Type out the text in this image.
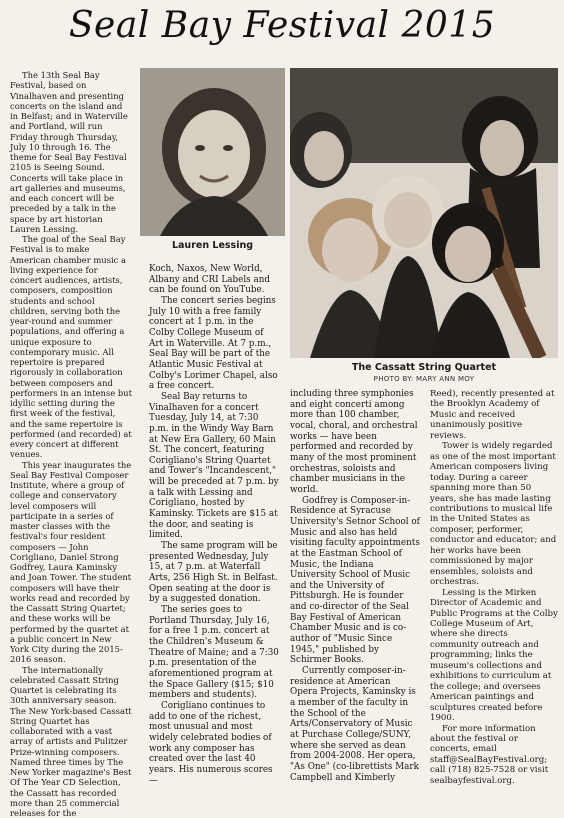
Seal Bay Festival 2015

The 13th Seal Bay Festival, based on Vinalhaven and presenting concerts on the island and in Belfast; and in Waterville and Portland, will run Friday through Thursday, July 10 through 16. The theme for Seal Bay Festival 2105 is Seeing Sound. Concerts will take place in art galleries and museums, and each concert will be preceded by a talk in the space by art historian Lauren Lessing.

The goal of the Seal Bay Festival is to make American chamber music a living experience for concert audiences, artists, composers, composition students and school children, serving both the year-round and summer populations, and offering a unique exposure to contemporary music. All repertoire is prepared rigorously in collaboration between composers and performers in an intense but idyllic setting during the first week of the festival, and the same repertoire is performed (and recorded) at every concert at different venues.

This year inaugurates the Seal Bay Festival Composer Institute, where a group of college and conservatory level composers will participate in a series of master classes with the festival's four resident composers — John Corigliano, Daniel Strong Godfrey, Laura Kaminsky and Joan Tower. The student composers will have their works read and recorded by the Cassatt String Quartet; and these works will be performed by the quartet at a public concert in New York City during the 2015-2016 season.

The internationally celebrated Cassatt String Quartet is celebrating its 30th anniversary season. The New York-based Cassatt String Quartet has collaborated with a vast array of artists and Pulitzer Prize-winning composers. Named three times by The New Yorker magazine's Best Of The Year CD Selection, the Cassatt has recorded more than 25 commercial releases for the

Lauren Lessing

Koch, Naxos, New World, Albany and CRI Labels and can be found on YouTube.

The concert series begins July 10 with a free family concert at 1 p.m. in the Colby College Museum of Art in Waterville. At 7 p.m., Seal Bay will be part of the Atlantic Music Festival at Colby's Lorimer Chapel, also a free concert.

Seal Bay returns to Vinalhaven for a concert Tuesday, July 14, at 7:30 p.m. in the Windy Way Barn at New Era Gallery, 60 Main St. The concert, featuring Corigliano's String Quartet and Tower's "Incandescent," will be preceded at 7 p.m. by a talk with Lessing and Corigliano, hosted by Kaminsky. Tickets are $15 at the door, and seating is limited.

The same program will be presented Wednesday, July 15, at 7 p.m. at Waterfall Arts, 256 High St. in Belfast. Open seating at the door is by a suggested donation.

The series goes to Portland Thursday, July 16, for a free 1 p.m. concert at the Children's Museum & Theatre of Maine; and a 7:30 p.m. presentation of the aforementioned program at the Space Gallery ($15; $10 members and students).

Corigliano continues to add to one of the richest, most unusual and most widely celebrated bodies of work any composer has created over the last 40 years. His numerous scores —

The Cassatt String Quartet
PHOTO BY: MARY ANN MOY

including three symphonies and eight concerti among more than 100 chamber, vocal, choral, and orchestral works — have been performed and recorded by many of the most prominent orchestras, soloists and chamber musicians in the world.

Godfrey is Composer-in-Residence at Syracuse University's Setnor School of Music and also has held visiting faculty appointments at the Eastman School of Music, the Indiana University School of Music and the University of Pittsburgh. He is founder and co-director of the Seal Bay Festival of American Chamber Music and is co-author of "Music Since 1945," published by Schirmer Books.

Currently composer-in-residence at American Opera Projects, Kaminsky is a member of the faculty in the School of the Arts/Conservatory of Music at Purchase College/SUNY, where she served as dean from 2004-2008. Her opera, "As One" (co-librettists Mark Campbell and Kimberly

Reed), recently presented at the Brooklyn Academy of Music and received unanimously positive reviews.

Tower is widely regarded as one of the most important American composers living today. During a career spanning more than 50 years, she has made lasting contributions to musical life in the United States as composer, performer, conductor and educator; and her works have been commissioned by major ensembles, soloists and orchestras.

Lessing is the Mirken Director of Academic and Public Programs at the Colby College Museum of Art, where she directs community outreach and programming; links the museum's collections and exhibitions to curriculum at the college; and oversees American paintings and sculptures created before 1900.

For more information about the festival or concerts, email staff@SealBayFestival.org; call (718) 825-7528 or visit sealbayfestival.org.
